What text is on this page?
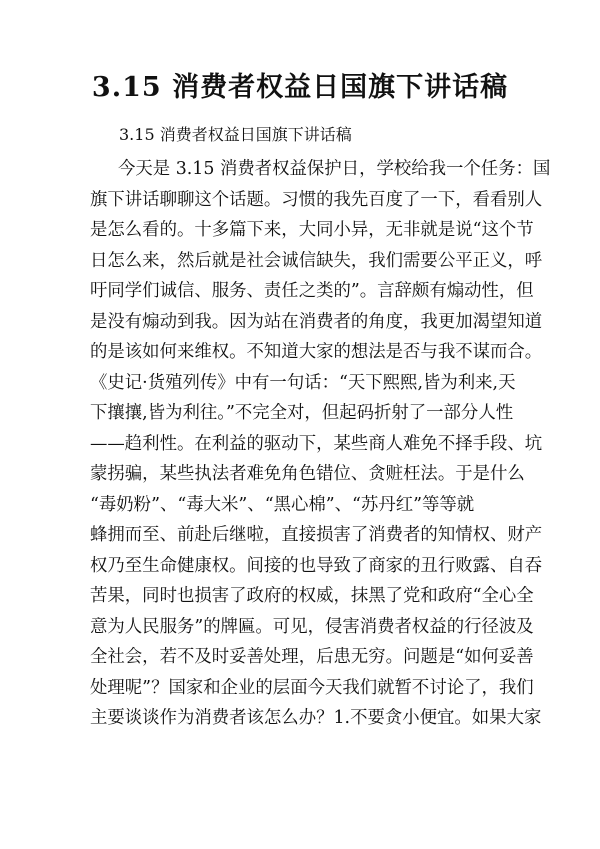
3.15 消费者权益日国旗下讲话稿
3.15 消费者权益日国旗下讲话稿
今天是 3.15 消费者权益保护日，学校给我一个任务：国
旗下讲话聊聊这个话题。习惯的我先百度了一下，看看别人
是怎么看的。十多篇下来，大同小异，无非就是说“这个节
日怎么来，然后就是社会诚信缺失，我们需要公平正义，呼
吁同学们诚信、服务、责任之类的”。言辞颇有煽动性，但
是没有煽动到我。因为站在消费者的角度，我更加渴望知道
的是该如何来维权。不知道大家的想法是否与我不谋而合。
《史记·货殖列传》中有一句话：“天下熙熙,皆为利来,天
下攘攘,皆为利往。”不完全对，但起码折射了一部分人性
——趋利性。在利益的驱动下，某些商人难免不择手段、坑
蒙拐骗，某些执法者难免角色错位、贪赃枉法。于是什么
“毒奶粉”、“毒大米”、“黑心棉”、“苏丹红”等等就
蜂拥而至、前赴后继啦，直接损害了消费者的知情权、财产
权乃至生命健康权。间接的也导致了商家的丑行败露、自吞
苦果，同时也损害了政府的权威，抹黑了党和政府“全心全
意为人民服务”的牌匾。可见，侵害消费者权益的行径波及
全社会，若不及时妥善处理，后患无穷。问题是“如何妥善
处理呢”？国家和企业的层面今天我们就暂不讨论了，我们
主要谈谈作为消费者该怎么办？1.不要贪小便宜。如果大家
